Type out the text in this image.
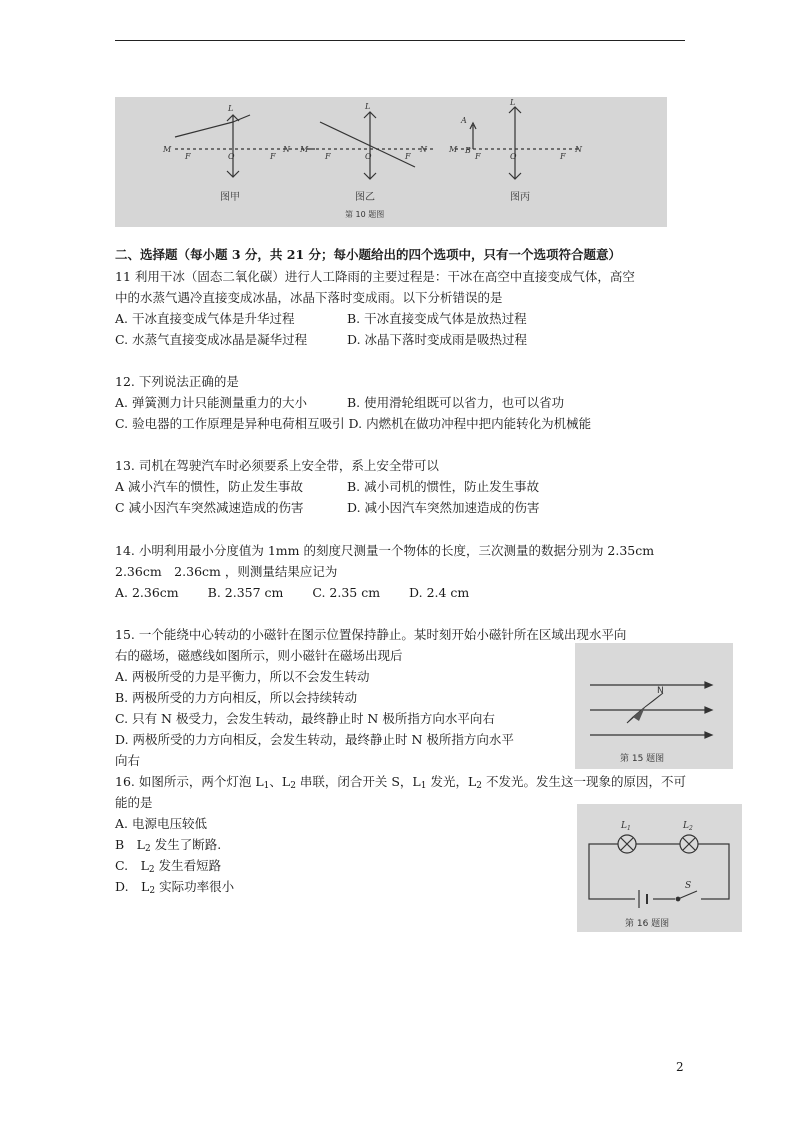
L
M
F	O	F
N
L
M
F	O	F
N
L
A
M B
F	O	F
N
图甲	图乙	图丙
第 10 题图
二、选择题（每小题 3 分，共 21 分；每小题给出的四个选项中，只有一个选项符合题意）
11 利用干冰（固态二氧化碳）进行人工降雨的主要过程是：干冰在高空中直接变成气体，高空
中的水蒸气遇冷直接变成冰晶，冰晶下落时变成雨。以下分析错误的是
A. 干冰直接变成气体是升华过程	B. 干冰直接变成气体是放热过程
C. 水蒸气直接变成冰晶是凝华过程	D. 冰晶下落时变成雨是吸热过程
12. 下列说法正确的是
A. 弹簧测力计只能测量重力的大小	B. 使用滑轮组既可以省力，也可以省功
C. 验电器的工作原理是异种电荷相互吸引 D. 内燃机在做功冲程中把内能转化为机械能
13. 司机在驾驶汽车时必须要系上安全带，系上安全带可以
A 减小汽车的惯性，防止发生事故	B. 减小司机的惯性，防止发生事故
C 减小因汽车突然减速造成的伤害	D. 减小因汽车突然加速造成的伤害
14. 小明利用最小分度值为 1mm 的刻度尺测量一个物体的长度，三次测量的数据分别为 2.35cm
2.36cm　2.36cm ，则测量结果应记为
A. 2.36cm　　 B. 2.357 cm　　 C. 2.35 cm　　 D. 2.4 cm
15. 一个能绕中心转动的小磁针在图示位置保持静止。某时刻开始小磁针所在区域出现水平向
右的磁场，磁感线如图所示，则小磁针在磁场出现后
A. 两极所受的力是平衡力，所以不会发生转动
B. 两极所受的力方向相反，所以会持续转动
C. 只有 N 极受力，会发生转动，最终静止时 N 极所指方向水平向右
D. 两极所受的力方向相反，会发生转动，最终静止时 N 极所指方向水平
向右
N
第 15 题图
16. 如图所示，两个灯泡 $L_1$、$L_2$ 串联，闭合开关 S，$L_1$ 发光，$L_2$ 不发光。发生这一现象的原因，不可
能的是
A. 电源电压较低
B　$L_2$ 发生了断路.
C.　$L_2$ 发生看短路
D.　$L_2$ 实际功率很小
$L_1$	$L_2$
S
第 16 题图
2
